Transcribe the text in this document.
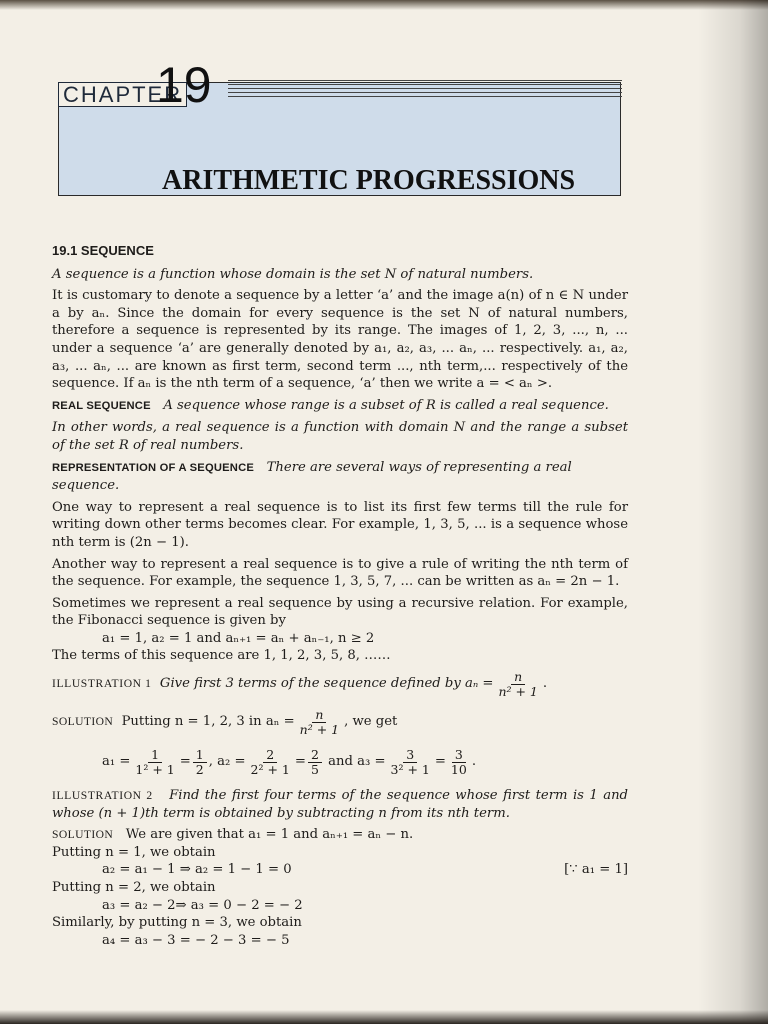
CHAPTER
19
ARITHMETIC PROGRESSIONS

19.1 SEQUENCE

A sequence is a function whose domain is the set N of natural numbers.

It is customary to denote a sequence by a letter ‘a’ and the image a(n) of n ∈ N under a by aₙ. Since the domain for every sequence is the set N of natural numbers, therefore a sequence is represented by its range. The images of 1, 2, 3, ..., n, ... under a sequence ‘a’ are generally denoted by a₁, a₂, a₃, ... aₙ, ... respectively. a₁, a₂, a₃, ... aₙ, ... are known as first term, second term ..., nth term,... respectively of the sequence. If aₙ is the nth term of a sequence, ‘a’ then we write a = < aₙ >.

REAL SEQUENCE A sequence whose range is a subset of R is called a real sequence.

In other words, a real sequence is a function with domain N and the range a subset of the set R of real numbers.

REPRESENTATION OF A SEQUENCE There are several ways of representing a real sequence.

One way to represent a real sequence is to list its first few terms till the rule for writing down other terms becomes clear. For example, 1, 3, 5, ... is a sequence whose nth term is (2n − 1).

Another way to represent a real sequence is to give a rule of writing the nth term of the sequence. For example, the sequence 1, 3, 5, 7, ... can be written as aₙ = 2n − 1.

Sometimes we represent a real sequence by using a recursive relation. For example, the Fibonacci sequence is given by

a₁ = 1, a₂ = 1 and aₙ₊₁ = aₙ + aₙ₋₁, n ≥ 2

The terms of this sequence are 1, 1, 2, 3, 5, 8, ……

ILLUSTRATION 1
Give first 3 terms of the sequence defined by $a_n = \frac{n}{\text{n² + 1}}$ .
SOLUTION
Putting n = 1, 2, 3 in $a_n = \frac{n}{\text{n² + 1}}$ , we get
$a_1 = \frac{1}{\text{1² + 1}} = \frac{1}{2}$ ,
$a_2 = \frac{2}{\text{2² + 1}} = \frac{2}{5}$
and
$a_3 = \frac{3}{\text{3² + 1}} = \frac{3}{10}$ .

ILLUSTRATION 2 Find the first four terms of the sequence whose first term is 1 and whose (n + 1)th term is obtained by subtracting n from its nth term.

SOLUTION We are given that a₁ = 1 and aₙ₊₁ = aₙ − n.

Putting n = 1, we obtain

a₂ = a₁ − 1 ⇒ a₂ = 1 − 1 = 0	[∵ a₁ = 1]

Putting n = 2, we obtain

a₃ = a₂ − 2⇒ a₃ = 0 − 2 = − 2

Similarly, by putting n = 3, we obtain

a₄ = a₃ − 3 = − 2 − 3 = − 5
